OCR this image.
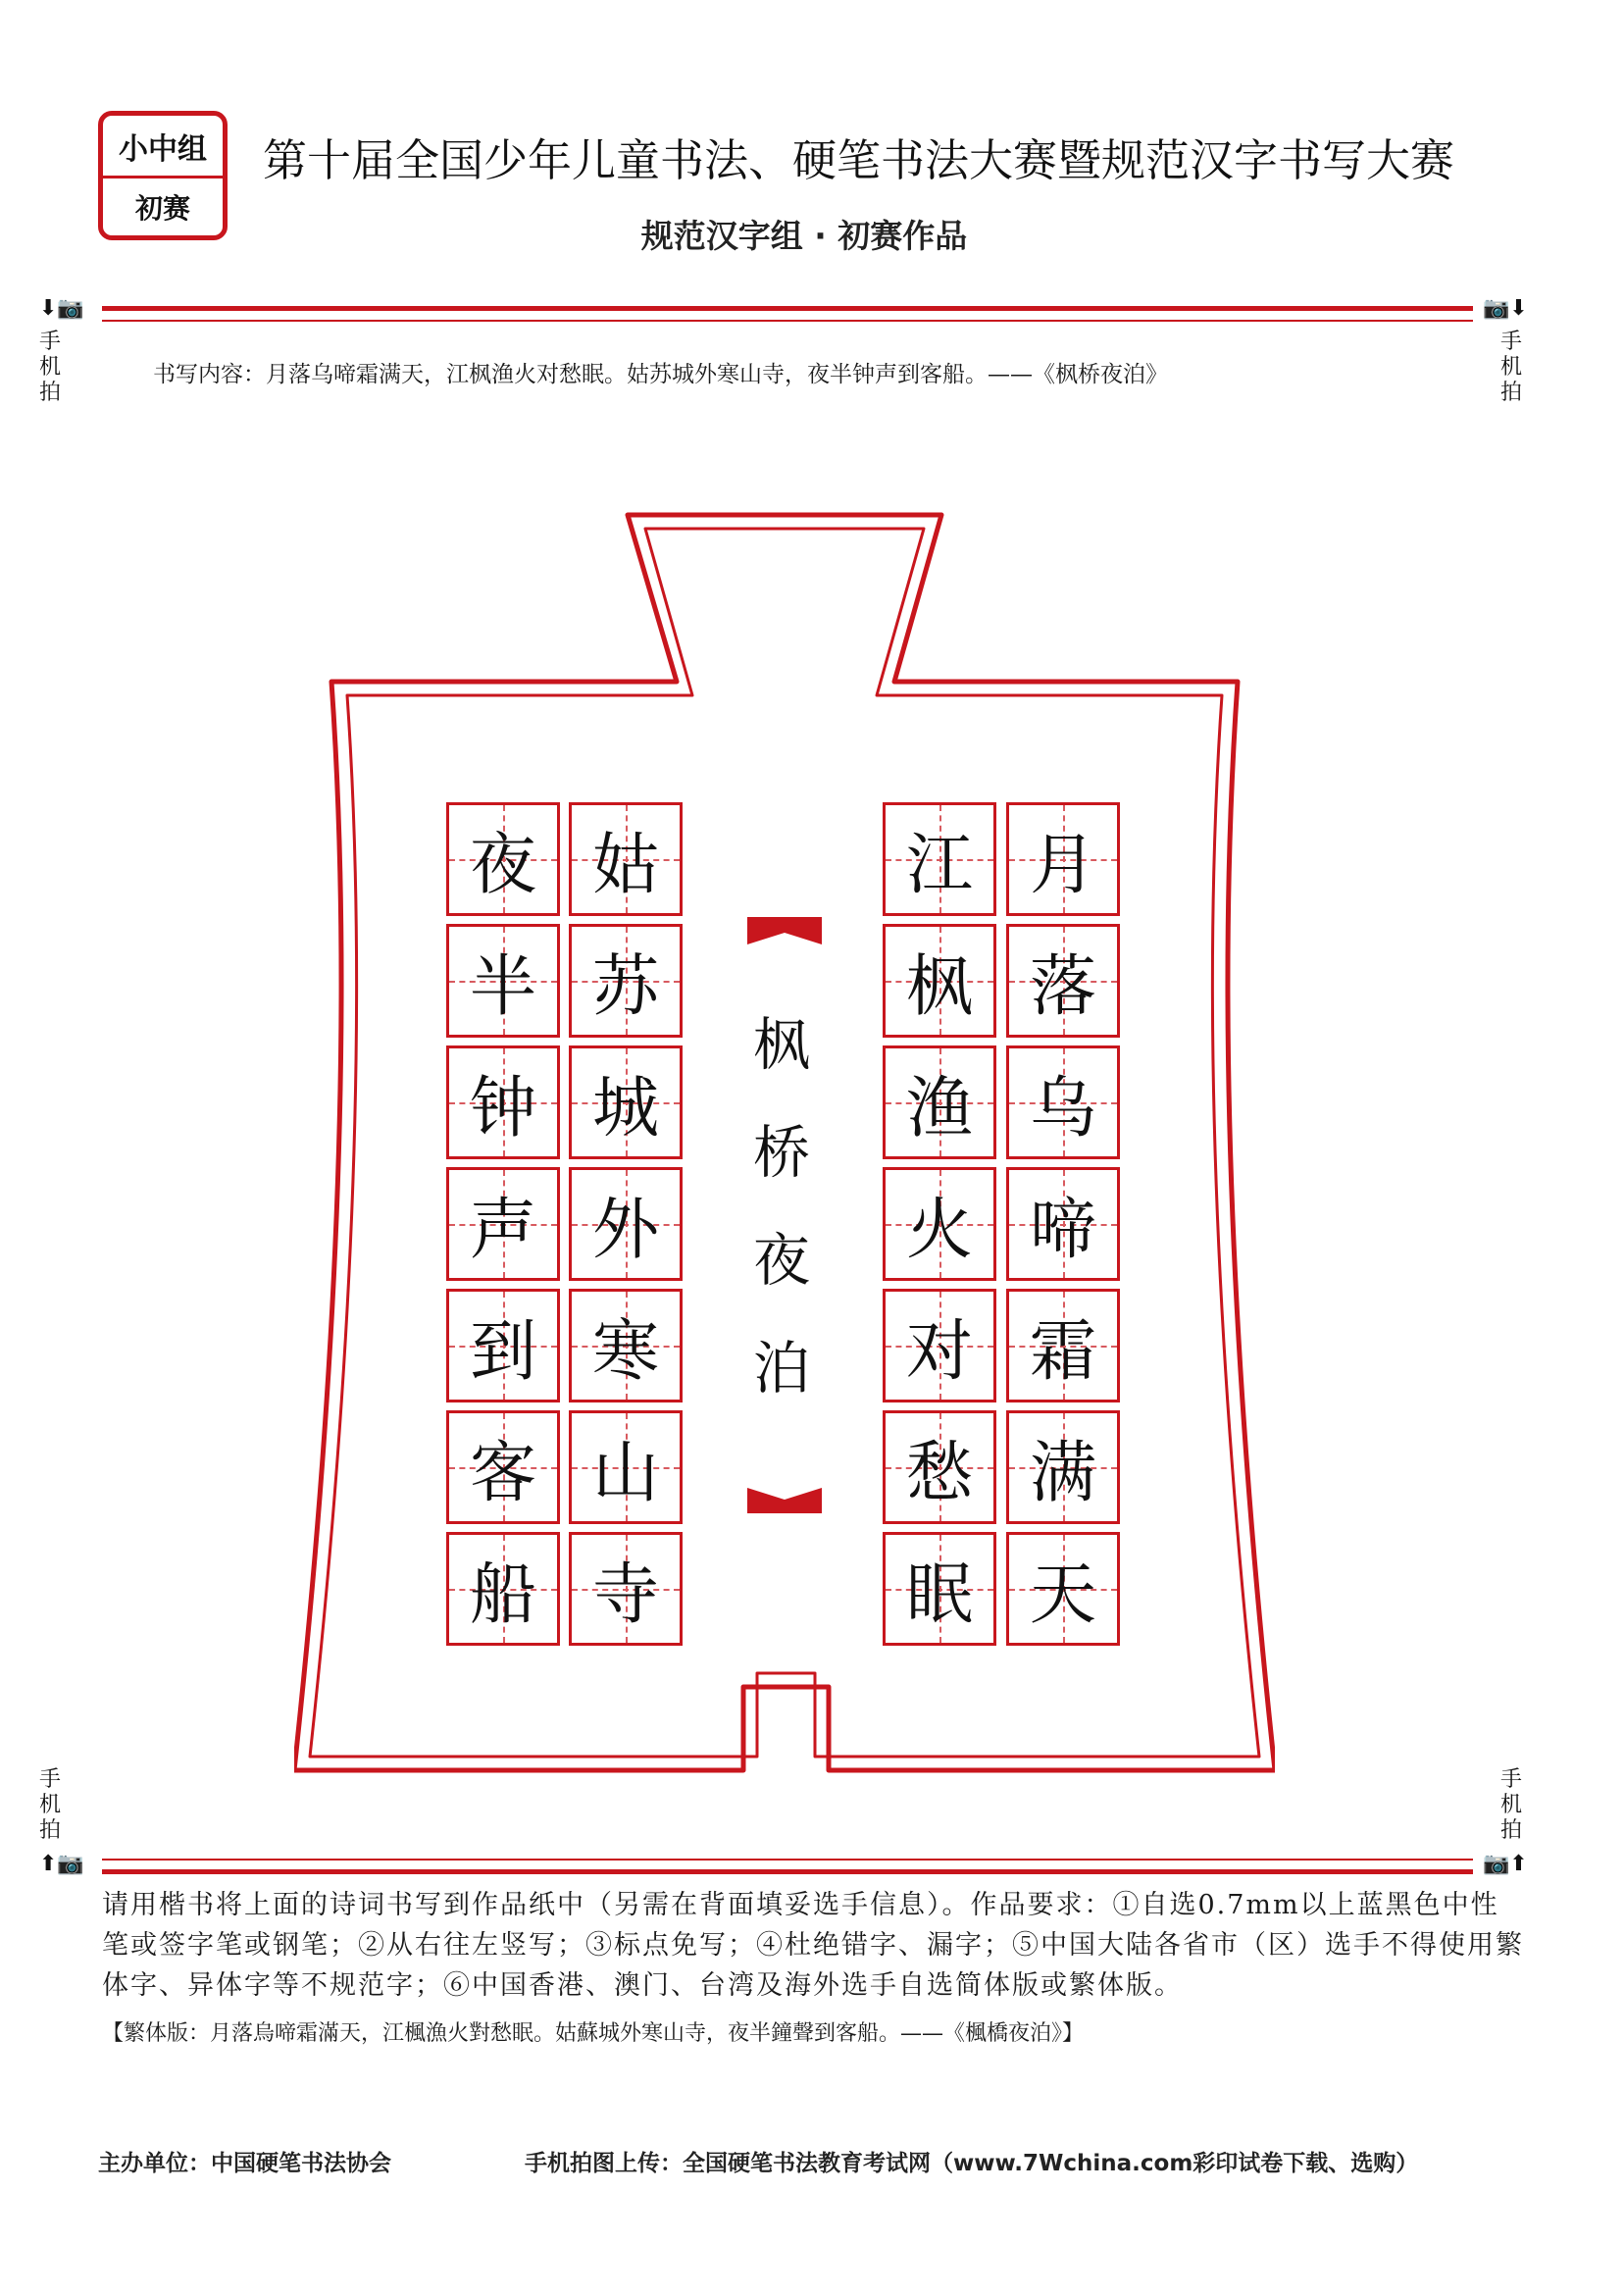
小中组
初赛
第十届全国少年儿童书法、硬笔书法大赛暨规范汉字书写大赛
规范汉字组 · 初赛作品
⬇📷
手
机
拍
📷⬇
手
机
拍
书写内容：月落乌啼霜满天，江枫渔火对愁眠。姑苏城外寒山寺，夜半钟声到客船。——《枫桥夜泊》
枫
桥
夜
泊
月
落
乌
啼
霜
满
天
江
枫
渔
火
对
愁
眠
姑
苏
城
外
寒
山
寺
夜
半
钟
声
到
客
船
手
机
拍
⬆📷
手
机
拍
📷⬆
请用楷书将上面的诗词书写到作品纸中（另需在背面填妥选手信息）。作品要求：①自选0.7mm以上蓝黑色中性笔或签字笔或钢笔；②从右往左竖写；③标点免写；④杜绝错字、漏字；⑤中国大陆各省市（区）选手不得使用繁体字、异体字等不规范字；⑥中国香港、澳门、台湾及海外选手自选简体版或繁体版。
【繁体版：月落烏啼霜滿天，江楓漁火對愁眠。姑蘇城外寒山寺，夜半鐘聲到客船。——《楓橋夜泊》】
主办单位：中国硬笔书法协会	手机拍图上传：全国硬笔书法教育考试网（www.7Wchina.com彩印试卷下载、选购）
